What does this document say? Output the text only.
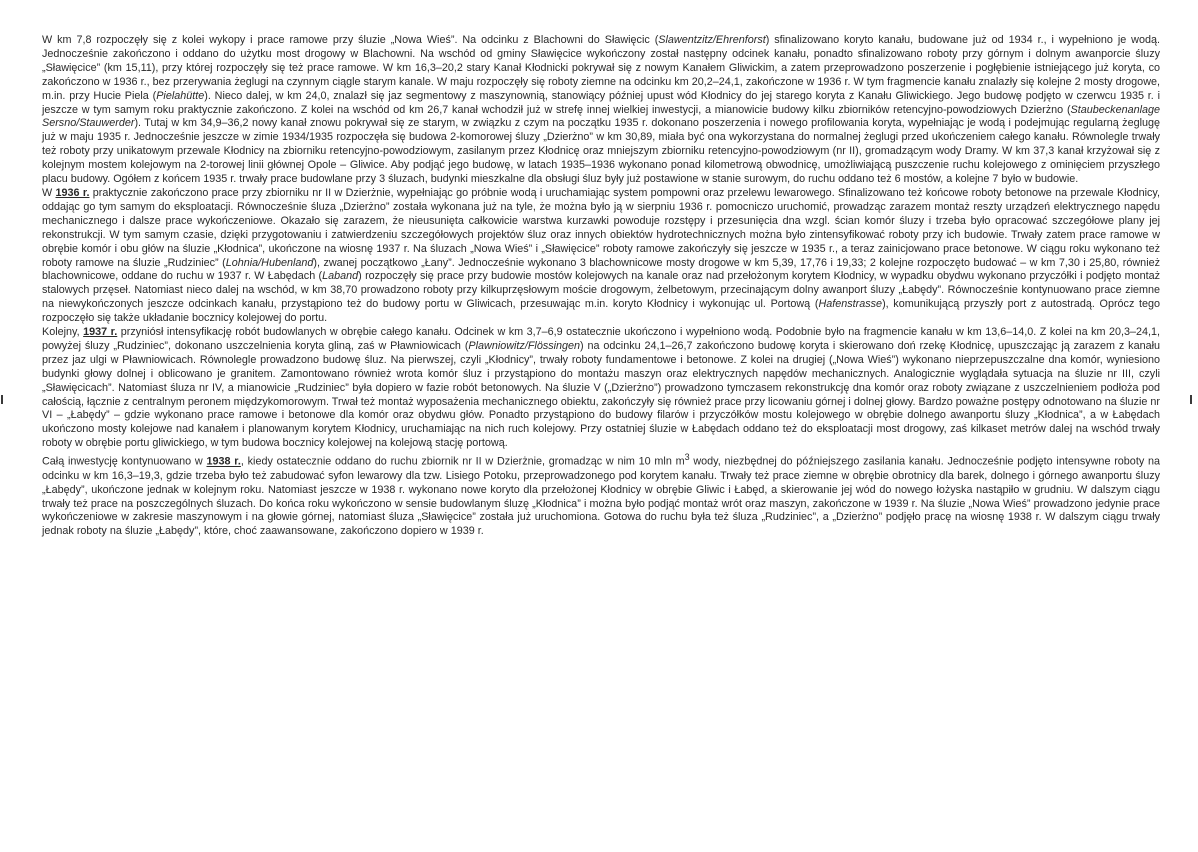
W km 7,8 rozpoczęły się z kolei wykopy i prace ramowe przy śluzie „Nowa Wieś”. Na odcinku z Blachowni do Sławięcic (Slawentzitz/Ehrenforst) sfinalizowano koryto kanału, budowane już od 1934 r., i wypełniono je wodą. Jednocześnie zakończono i oddano do użytku most drogowy w Blachowni. Na wschód od gminy Sławięcice wykończony został następny odcinek kanału, ponadto sfinalizowano roboty przy górnym i dolnym awanporcie śluzy „Sławięcice” (km 15,11), przy której rozpoczęły się też prace ramowe. W km 16,3–20,2 stary Kanał Kłodnicki pokrywał się z nowym Kanałem Gliwickim, a zatem przeprowadzono poszerzenie i pogłębienie istniejącego już koryta, co zakończono w 1936 r., bez przerywania żeglugi na czynnym ciągle starym kanale. W maju rozpoczęły się roboty ziemne na odcinku km 20,2–24,1, zakończone w 1936 r. W tym fragmencie kanału znalazły się kolejne 2 mosty drogowe, m.in. przy Hucie Piela (Pielahütte). Nieco dalej, w km 24,0, znalazł się jaz segmentowy z maszynownią, stanowiący później upust wód Kłodnicy do jej starego koryta z Kanału Gliwickiego. Jego budowę podjęto w czerwcu 1935 r. i jeszcze w tym samym roku praktycznie zakończono. Z kolei na wschód od km 26,7 kanał wchodził już w strefę innej wielkiej inwestycji, a mianowicie budowy kilku zbiorników retencyjno-powodziowych Dzierżno (Staubeckenanlage Sersno/Stauwerder). Tutaj w km 34,9–36,2 nowy kanał znowu pokrywał się ze starym, w związku z czym na początku 1935 r. dokonano poszerzenia i nowego profilowania koryta, wypełniając je wodą i podejmując regularną żeglugę już w maju 1935 r. Jednocześnie jeszcze w zimie 1934/1935 rozpoczęła się budowa 2-komorowej śluzy „Dzierżno” w km 30,89, miała być ona wykorzystana do normalnej żeglugi przed ukończeniem całego kanału. Równolegle trwały też roboty przy unikatowym przewale Kłodnicy na zbiorniku retencyjno-powodziowym, zasilanym przez Kłodnicę oraz mniejszym zbiorniku retencyjno-powodziowym (nr II), gromadzącym wody Dramy. W km 37,3 kanał krzyżował się z kolejnym mostem kolejowym na 2-torowej linii głównej Opole – Gliwice. Aby podjąć jego budowę, w latach 1935–1936 wykonano ponad kilometrową obwodnicę, umożliwiającą puszczenie ruchu kolejowego z ominięciem przyszłego placu budowy. Ogółem z końcem 1935 r. trwały prace budowlane przy 3 śluzach, budynki mieszkalne dla obsługi śluz były już postawione w stanie surowym, do ruchu oddano też 6 mostów, a kolejne 7 było w budowie.

W 1936 r. praktycznie zakończono prace przy zbiorniku nr II w Dzierżnie, wypełniając go próbnie wodą i uruchamiając system pompowni oraz przelewu lewarowego. Sfinalizowano też końcowe roboty betonowe na przewale Kłodnicy, oddając go tym samym do eksploatacji. Równocześnie śluza „Dzierżno” została wykonana już na tyle, że można było ją w sierpniu 1936 r. pomocniczo uruchomić, prowadząc zarazem montaż reszty urządzeń elektrycznego napędu mechanicznego i dalsze prace wykończeniowe. Okazało się zarazem, że nieusunięta całkowicie warstwa kurzawki powoduje rozstępy i przesunięcia dna wzgl. ścian komór śluzy i trzeba było opracować szczegółowe plany jej rekonstrukcji. W tym samym czasie, dzięki przygotowaniu i zatwierdzeniu szczegółowych projektów śluz oraz innych obiektów hydrotechnicznych można było zintensyfikować roboty przy ich budowie. Trwały zatem prace ramowe w obrębie komór i obu głów na śluzie „Kłodnica”, ukończone na wiosnę 1937 r. Na śluzach „Nowa Wieś” i „Sławięcice” roboty ramowe zakończyły się jeszcze w 1935 r., a teraz zainicjowano prace betonowe. W ciągu roku wykonano też roboty ramowe na śluzie „Rudziniec” (Lohnia/Hubenland), zwanej początkowo „Łany”. Jednocześnie wykonano 3 blachownicowe mosty drogowe w km 5,39, 17,76 i 19,33; 2 kolejne rozpoczęto budować – w km 7,30 i 25,80, również blachownicowe, oddane do ruchu w 1937 r. W Łabędach (Laband) rozpoczęły się prace przy budowie mostów kolejowych na kanale oraz nad przełożonym korytem Kłodnicy, w wypadku obydwu wykonano przyczółki i podjęto montaż stalowych przęseł. Natomiast nieco dalej na wschód, w km 38,70 prowadzono roboty przy kilkuprzęsłowym moście drogowym, żelbetowym, przecinającym dolny awanport śluzy „Łabędy”. Równocześnie kontynuowano prace ziemne na niewykończonych jeszcze odcinkach kanału, przystąpiono też do budowy portu w Gliwicach, przesuwając m.in. koryto Kłodnicy i wykonując ul. Portową (Hafenstrasse), komunikującą przyszły port z autostradą. Oprócz tego rozpoczęło się także układanie bocznicy kolejowej do portu.

Kolejny, 1937 r. przyniósł intensyfikację robót budowlanych w obrębie całego kanału. Odcinek w km 3,7–6,9 ostatecznie ukończono i wypełniono wodą. Podobnie było na fragmencie kanału w km 13,6–14,0. Z kolei na km 20,3–24,1, powyżej śluzy „Rudziniec”, dokonano uszczelnienia koryta gliną, zaś w Pławniowicach (Plawniowitz/Flössingen) na odcinku 24,1–26,7 zakończono budowę koryta i skierowano doń rzekę Kłodnicę, upuszczając ją zarazem z kanału przez jaz ulgi w Pławniowicach. Równolegle prowadzono budowę śluz. Na pierwszej, czyli „Kłodnicy”, trwały roboty fundamentowe i betonowe. Z kolei na drugiej („Nowa Wieś”) wykonano nieprzepuszczalne dna komór, wyniesiono budynki głowy dolnej i oblicowano je granitem. Zamontowano również wrota komór śluz i przystąpiono do montażu maszyn oraz elektrycznych napędów mechanicznych. Analogicznie wyglądała sytuacja na śluzie nr III, czyli „Sławięcicach”. Natomiast śluza nr IV, a mianowicie „Rudziniec” była dopiero w fazie robót betonowych. Na śluzie V („Dzierżno”) prowadzono tymczasem rekonstrukcję dna komór oraz roboty związane z uszczelnieniem podłoża pod całością, łącznie z centralnym peronem międzykomorowym. Trwał też montaż wyposażenia mechanicznego obiektu, zakończyły się również prace przy licowaniu górnej i dolnej głowy. Bardzo poważne postępy odnotowano na śluzie nr VI – „Łabędy” – gdzie wykonano prace ramowe i betonowe dla komór oraz obydwu głów. Ponadto przystąpiono do budowy filarów i przyczółków mostu kolejowego w obrębie dolnego awanportu śluzy „Kłodnica”, a w Łabędach ukończono mosty kolejowe nad kanałem i planowanym korytem Kłodnicy, uruchamiając na nich ruch kolejowy. Przy ostatniej śluzie w Łabędach oddano też do eksploatacji most drogowy, zaś kilkaset metrów dalej na wschód trwały roboty w obrębie portu gliwickiego, w tym budowa bocznicy kolejowej na kolejową stację portową.

Całą inwestycję kontynuowano w 1938 r., kiedy ostatecznie oddano do ruchu zbiornik nr II w Dzierżnie, gromadząc w nim 10 mln $m^3$ wody, niezbędnej do późniejszego zasilania kanału. Jednocześnie podjęto intensywne roboty na odcinku w km 16,3–19,3, gdzie trzeba było też zabudować syfon lewarowy dla tzw. Lisiego Potoku, przeprowadzonego pod korytem kanału. Trwały też prace ziemne w obrębie obrotnicy dla barek, dolnego i górnego awanportu śluzy „Łabędy”, ukończone jednak w kolejnym roku. Natomiast jeszcze w 1938 r. wykonano nowe koryto dla przełożonej Kłodnicy w obrębie Gliwic i Łabęd, a skierowanie jej wód do nowego łożyska nastąpiło w grudniu. W dalszym ciągu trwały też prace na poszczególnych śluzach. Do końca roku wykończono w sensie budowlanym śluzę „Kłodnica” i można było podjąć montaż wrót oraz maszyn, zakończone w 1939 r. Na śluzie „Nowa Wieś” prowadzono jedynie prace wykończeniowe w zakresie maszynowym i na głowie górnej, natomiast śluza „Sławięcice” została już uruchomiona. Gotowa do ruchu była też śluza „Rudziniec”, a „Dzierżno” podjęło pracę na wiosnę 1938 r. W dalszym ciągu trwały jednak roboty na śluzie „Łabędy”, które, choć zaawansowane, zakończono dopiero w 1939 r.
